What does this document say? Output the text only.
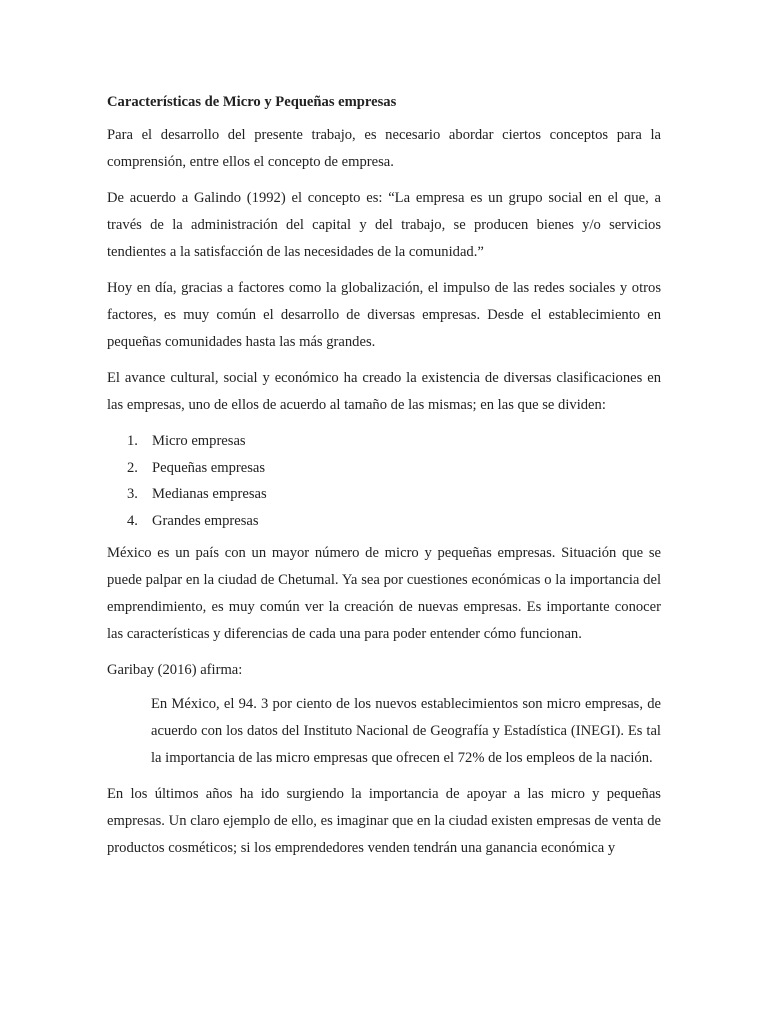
Características de Micro y Pequeñas empresas

Para el desarrollo del presente trabajo, es necesario abordar ciertos conceptos para la comprensión, entre ellos el concepto de empresa.

De acuerdo a Galindo (1992) el concepto es: “La empresa es un grupo social en el que, a través de la administración del capital y del trabajo, se producen bienes y/o servicios tendientes a la satisfacción de las necesidades de la comunidad.”

Hoy en día, gracias a factores como la globalización, el impulso de las redes sociales y otros factores, es muy común el desarrollo de diversas empresas. Desde el establecimiento en pequeñas comunidades hasta las más grandes.

El avance cultural, social y económico ha creado la existencia de diversas clasificaciones en las empresas, uno de ellos de acuerdo al tamaño de las mismas; en las que se dividen:

1. Micro empresas
2. Pequeñas empresas
3. Medianas empresas
4. Grandes empresas

México es un país con un mayor número de micro y pequeñas empresas. Situación que se puede palpar en la ciudad de Chetumal. Ya sea por cuestiones económicas o la importancia del emprendimiento, es muy común ver la creación de nuevas empresas. Es importante conocer las características y diferencias de cada una para poder entender cómo funcionan.

Garibay (2016) afirma:

En México, el 94. 3 por ciento de los nuevos establecimientos son micro empresas, de acuerdo con los datos del Instituto Nacional de Geografía y Estadística (INEGI). Es tal la importancia de las micro empresas que ofrecen el 72% de los empleos de la nación.

En los últimos años ha ido surgiendo la importancia de apoyar a las micro y pequeñas empresas. Un claro ejemplo de ello, es imaginar que en la ciudad existen empresas de venta de productos cosméticos; si los emprendedores venden tendrán una ganancia económica y
